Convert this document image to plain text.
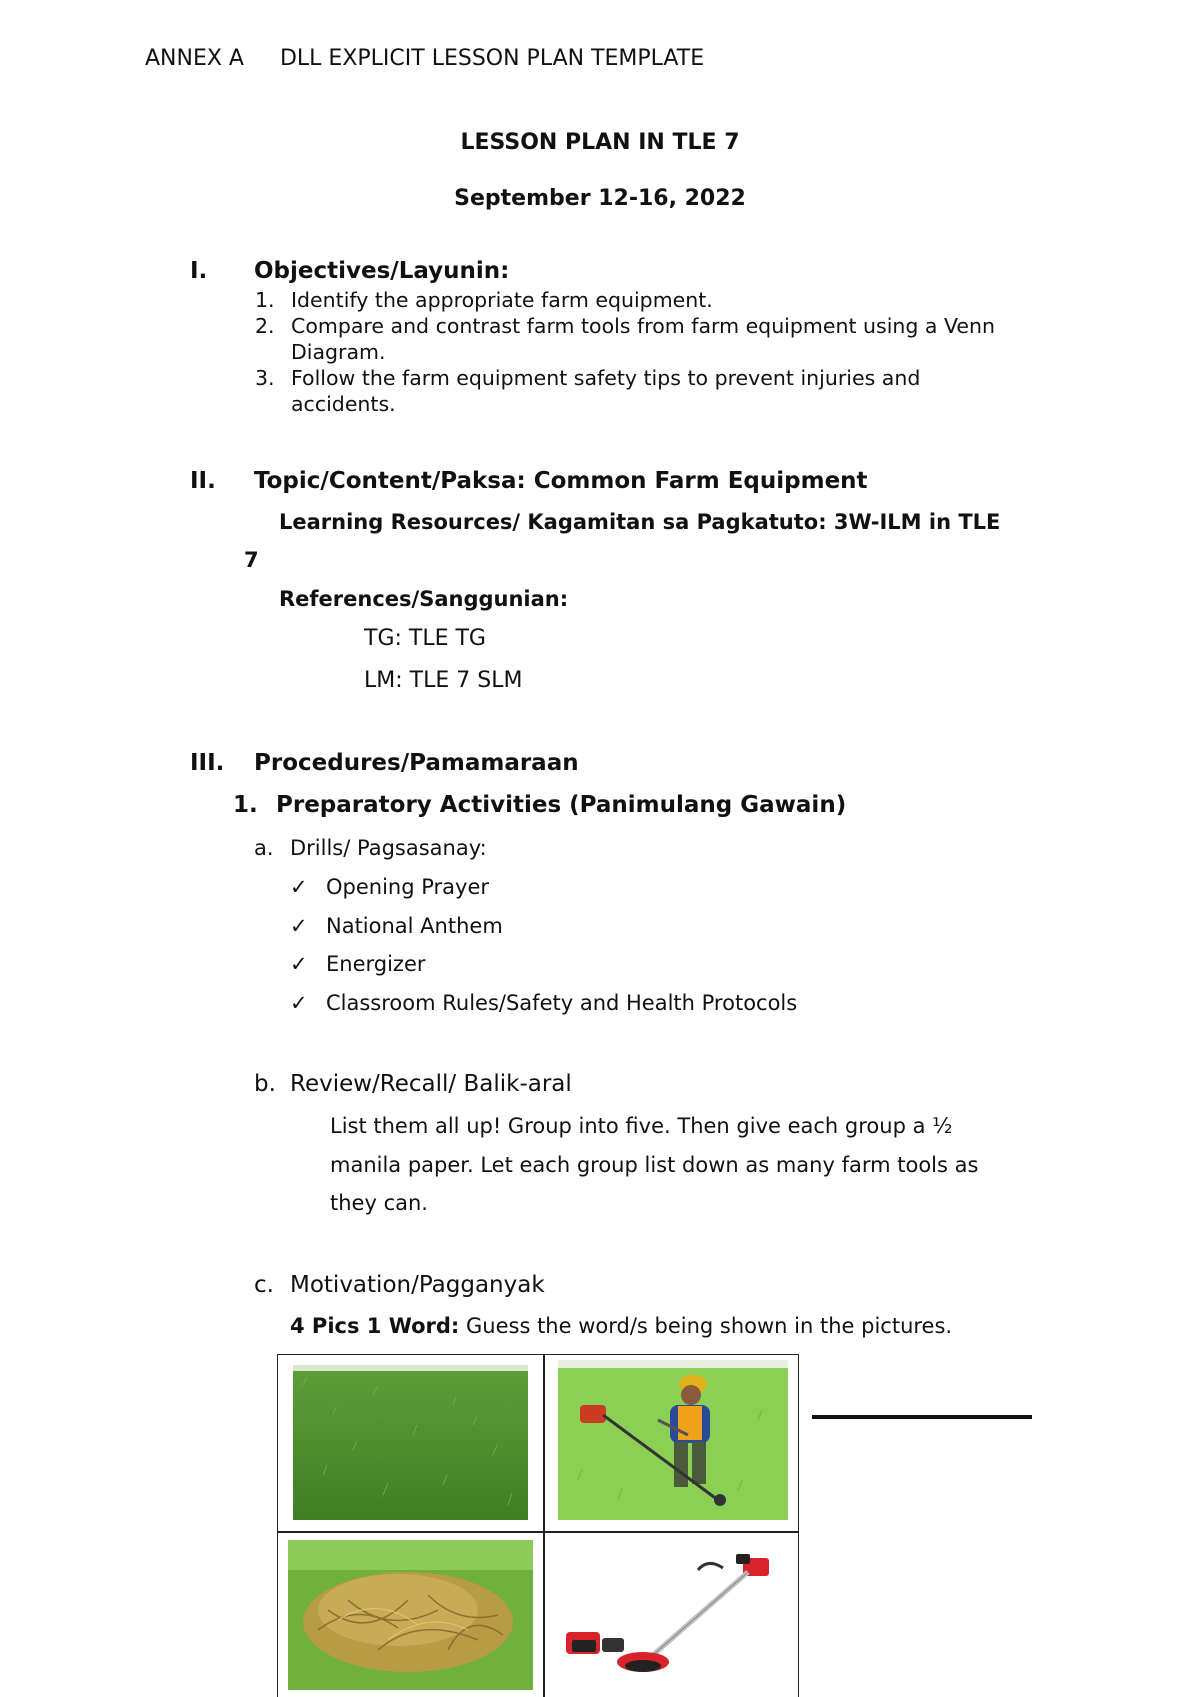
ANNEX A DLL EXPLICIT LESSON PLAN TEMPLATE
LESSON PLAN IN TLE 7
September 12-16, 2022
I. Objectives/Layunin:
1. Identify the appropriate farm equipment.
2. Compare and contrast farm tools from farm equipment using a Venn
Diagram.
3. Follow the farm equipment safety tips to prevent injuries and
accidents.
II. Topic/Content/Paksa: Common Farm Equipment
Learning Resources/ Kagamitan sa Pagkatuto: 3W-ILM in TLE
7
References/Sanggunian:
TG: TLE TG
LM: TLE 7 SLM
III. Procedures/Pamamaraan
1. Preparatory Activities (Panimulang Gawain)
a. Drills/ Pagsasanay:
✓ Opening Prayer
✓ National Anthem
✓ Energizer
✓ Classroom Rules/Safety and Health Protocols
b. Review/Recall/ Balik-aral
List them all up! Group into five. Then give each group a ½
manila paper. Let each group list down as many farm tools as
they can.
c. Motivation/Pagganyak
4 Pics 1 Word: Guess the word/s being shown in the pictures.
